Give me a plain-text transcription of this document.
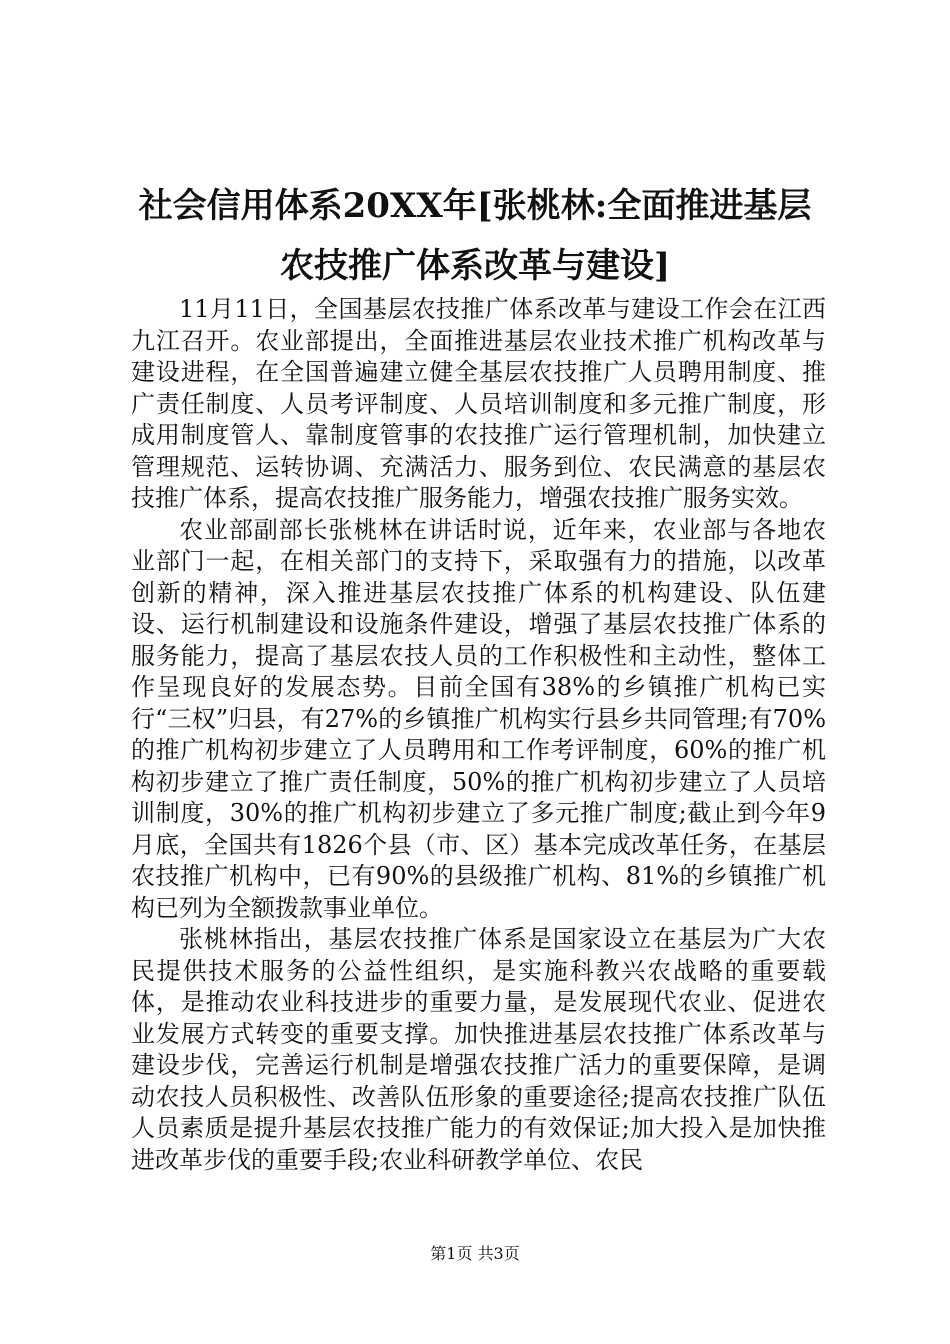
社会信用体系20XX年[张桃林:全面推进基层
农技推广体系改革与建设]

11月11日，全国基层农技推广体系改革与建设工作会在江西九江召开。农业部提出，全面推进基层农业技术推广机构改革与建设进程，在全国普遍建立健全基层农技推广人员聘用制度、推广责任制度、人员考评制度、人员培训制度和多元推广制度，形成用制度管人、靠制度管事的农技推广运行管理机制，加快建立管理规范、运转协调、充满活力、服务到位、农民满意的基层农技推广体系，提高农技推广服务能力，增强农技推广服务实效。

农业部副部长张桃林在讲话时说，近年来，农业部与各地农业部门一起，在相关部门的支持下，采取强有力的措施，以改革创新的精神，深入推进基层农技推广体系的机构建设、队伍建设、运行机制建设和设施条件建设，增强了基层农技推广体系的服务能力，提高了基层农技人员的工作积极性和主动性，整体工作呈现良好的发展态势。目前全国有38%的乡镇推广机构已实行“三权”归县，有27%的乡镇推广机构实行县乡共同管理;有70%的推广机构初步建立了人员聘用和工作考评制度，60%的推广机构初步建立了推广责任制度，50%的推广机构初步建立了人员培训制度，30%的推广机构初步建立了多元推广制度;截止到今年9月底，全国共有1826个县（市、区）基本完成改革任务，在基层农技推广机构中，已有90%的县级推广机构、81%的乡镇推广机构已列为全额拨款事业单位。

张桃林指出，基层农技推广体系是国家设立在基层为广大农民提供技术服务的公益性组织，是实施科教兴农战略的重要载体，是推动农业科技进步的重要力量，是发展现代农业、促进农业发展方式转变的重要支撑。加快推进基层农技推广体系改革与建设步伐，完善运行机制是增强农技推广活力的重要保障，是调动农技人员积极性、改善队伍形象的重要途径;提高农技推广队伍人员素质是提升基层农技推广能力的有效保证;加大投入是加快推进改革步伐的重要手段;农业科研教学单位、农民

第1页 共3页
